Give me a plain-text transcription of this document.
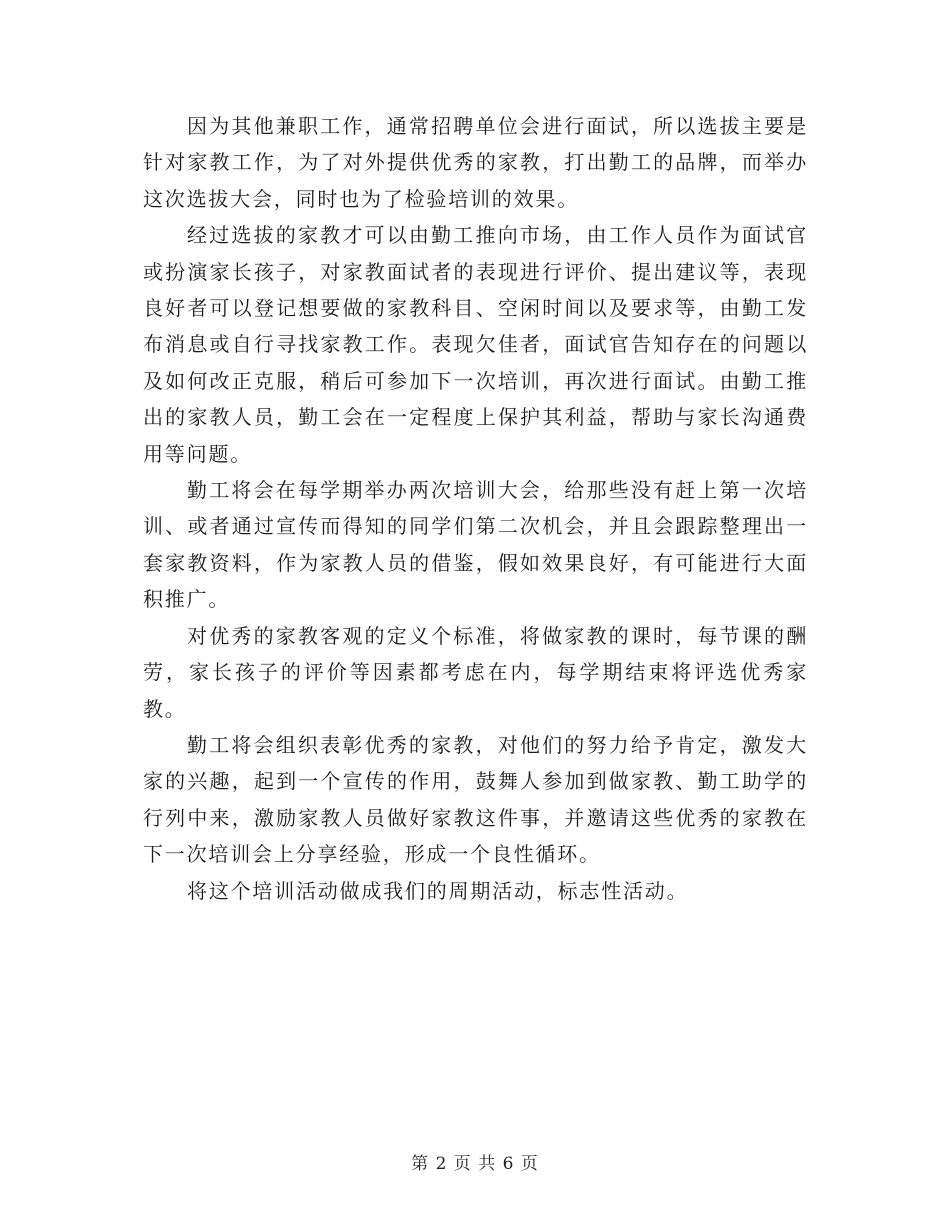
因为其他兼职工作，通常招聘单位会进行面试，所以选拔主要是针对家教工作，为了对外提供优秀的家教，打出勤工的品牌，而举办这次选拔大会，同时也为了检验培训的效果。

经过选拔的家教才可以由勤工推向市场，由工作人员作为面试官或扮演家长孩子，对家教面试者的表现进行评价、提出建议等，表现良好者可以登记想要做的家教科目、空闲时间以及要求等，由勤工发布消息或自行寻找家教工作。表现欠佳者，面试官告知存在的问题以及如何改正克服，稍后可参加下一次培训，再次进行面试。由勤工推出的家教人员，勤工会在一定程度上保护其利益，帮助与家长沟通费用等问题。

勤工将会在每学期举办两次培训大会，给那些没有赶上第一次培训、或者通过宣传而得知的同学们第二次机会，并且会跟踪整理出一套家教资料，作为家教人员的借鉴，假如效果良好，有可能进行大面积推广。

对优秀的家教客观的定义个标准，将做家教的课时，每节课的酬劳，家长孩子的评价等因素都考虑在内，每学期结束将评选优秀家教。

勤工将会组织表彰优秀的家教，对他们的努力给予肯定，激发大家的兴趣，起到一个宣传的作用，鼓舞人参加到做家教、勤工助学的行列中来，激励家教人员做好家教这件事，并邀请这些优秀的家教在下一次培训会上分享经验，形成一个良性循环。

将这个培训活动做成我们的周期活动，标志性活动。

第 2 页 共 6 页
